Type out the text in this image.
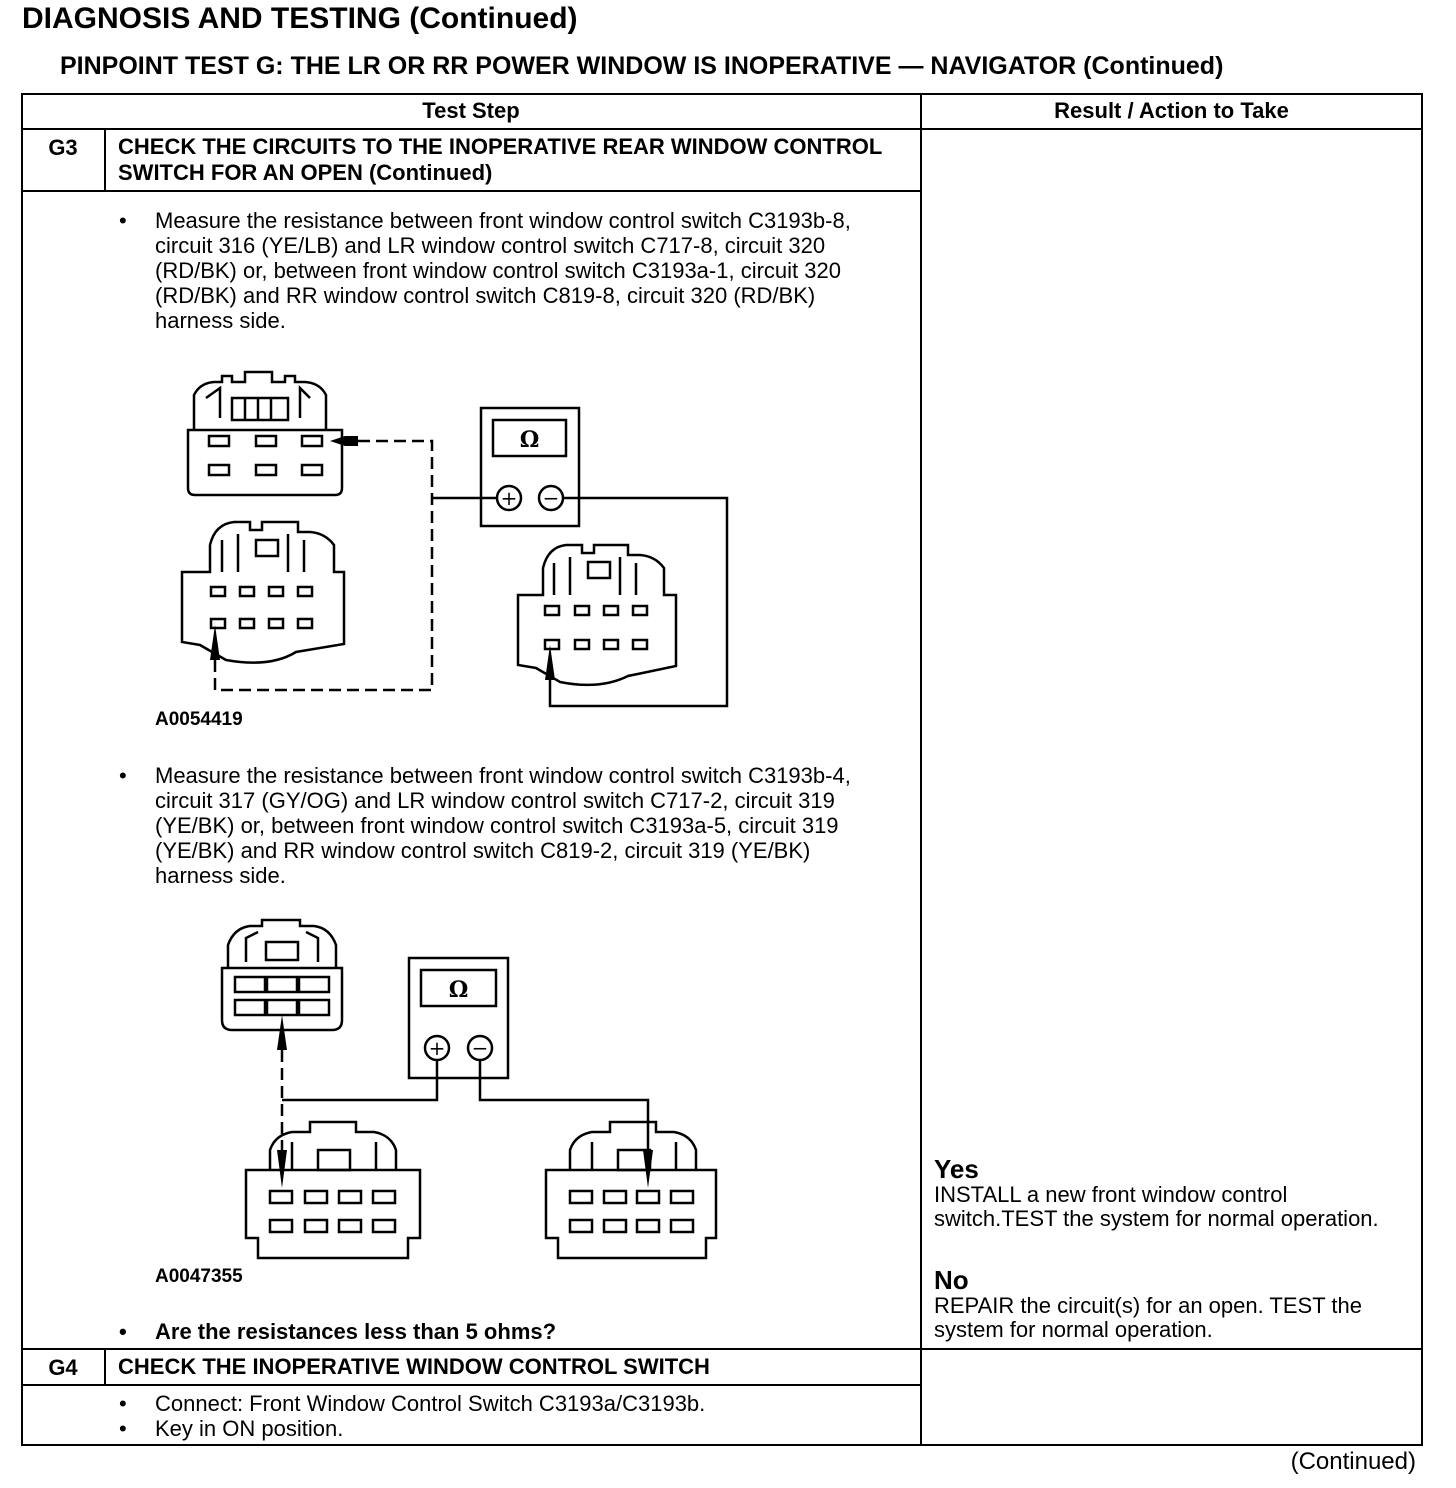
DIAGNOSIS AND TESTING (Continued)
PINPOINT TEST G: THE LR OR RR POWER WINDOW IS INOPERATIVE — NAVIGATOR (Continued)
Test Step	Result / Action to Take
G3	CHECK THE CIRCUITS TO THE INOPERATIVE REAR WINDOW CONTROL SWITCH FOR AN OPEN (Continued)
• Measure the resistance between front window control switch C3193b-8, circuit 316 (YE/LB) and LR window control switch C717-8, circuit 320 (RD/BK) or, between front window control switch C3193a-1, circuit 320 (RD/BK) and RR window control switch C819-8, circuit 320 (RD/BK) harness side.
Ω
+ −
A0054419
• Measure the resistance between front window control switch C3193b-4, circuit 317 (GY/OG) and LR window control switch C717-2, circuit 319 (YE/BK) or, between front window control switch C3193a-5, circuit 319 (YE/BK) and RR window control switch C819-2, circuit 319 (YE/BK) harness side.
Ω
+ −
A0047355
• Are the resistances less than 5 ohms?
Yes
INSTALL a new front window control switch.TEST the system for normal operation.
No
REPAIR the circuit(s) for an open. TEST the system for normal operation.
G4	CHECK THE INOPERATIVE WINDOW CONTROL SWITCH
• Connect: Front Window Control Switch C3193a/C3193b.
• Key in ON position.
(Continued)
